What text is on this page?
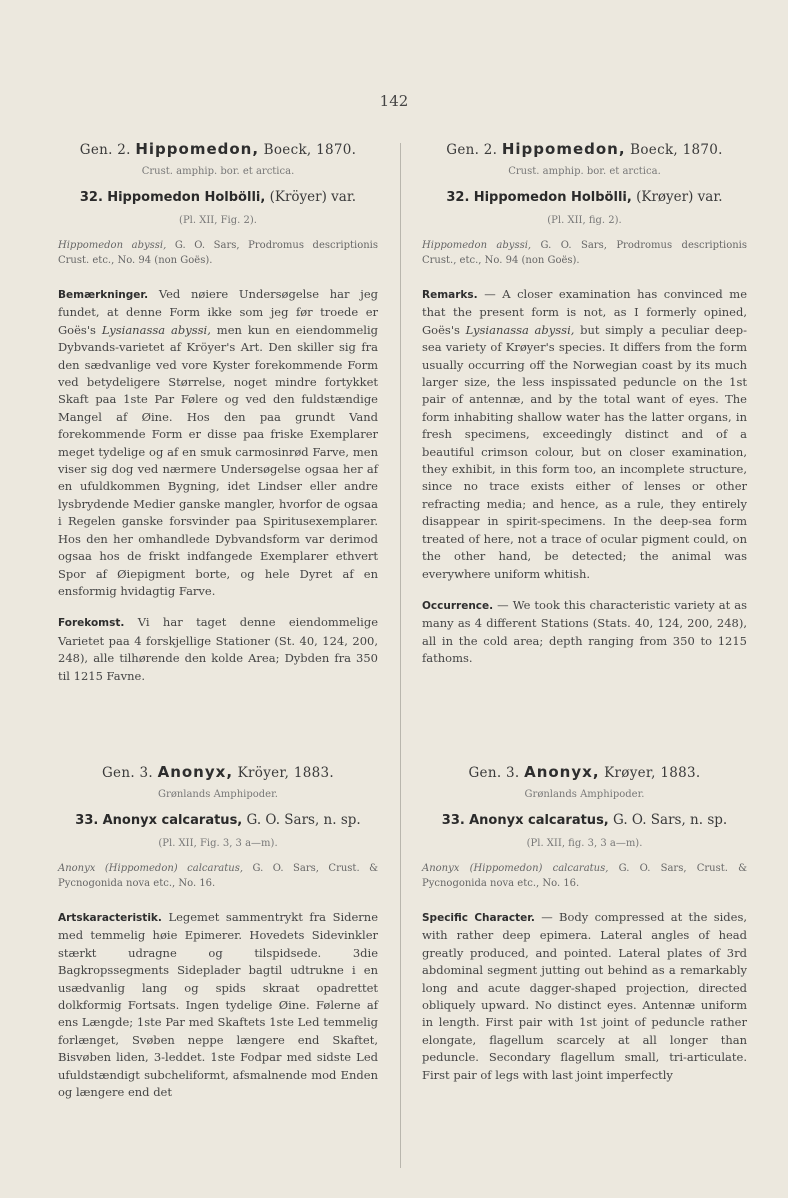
142
Gen. 2. Hippomedon, Boeck, 1870.
Crust. amphip. bor. et arctica.
32. Hippomedon Holbölli, (Kröyer) var.
(Pl. XII, Fig. 2).
Hippomedon abyssi, G. O. Sars, Prodromus descriptionis Crust. etc., No. 94 (non Goës).
Bemærkninger. Ved nøiere Undersøgelse har jeg fundet, at denne Form ikke som jeg før troede er Goës's Lysianassa abyssi, men kun en eiendommelig Dybvands-varietet af Kröyer's Art. Den skiller sig fra den sædvanlige ved vore Kyster forekommende Form ved betydeligere Størrelse, noget mindre fortykket Skaft paa 1ste Par Følere og ved den fuldstændige Mangel af Øine. Hos den paa grundt Vand forekommende Form er disse paa friske Exemplarer meget tydelige og af en smuk carmosinrød Farve, men viser sig dog ved nærmere Undersøgelse ogsaa her af en ufuldkommen Bygning, idet Lindser eller andre lysbrydende Medier ganske mangler, hvorfor de ogsaa i Regelen ganske forsvinder paa Spiritusexemplarer. Hos den her omhandlede Dybvandsform var derimod ogsaa hos de friskt indfangede Exemplarer ethvert Spor af Øiepigment borte, og hele Dyret af en ensformig hvidagtig Farve.
Forekomst. Vi har taget denne eiendommelige Varietet paa 4 forskjellige Stationer (St. 40, 124, 200, 248), alle tilhørende den kolde Area; Dybden fra 350 til 1215 Favne.
Gen. 2. Hippomedon, Boeck, 1870.
Crust. amphip. bor. et arctica.
32. Hippomedon Holbölli, (Krøyer) var.
(Pl. XII, fig. 2).
Hippomedon abyssi, G. O. Sars, Prodromus descriptionis Crust., etc., No. 94 (non Goës).
Remarks. — A closer examination has convinced me that the present form is not, as I formerly opined, Goës's Lysianassa abyssi, but simply a peculiar deep-sea variety of Krøyer's species. It differs from the form usually occurring off the Norwegian coast by its much larger size, the less inspissated peduncle on the 1st pair of antennæ, and by the total want of eyes. The form inhabiting shallow water has the latter organs, in fresh specimens, exceedingly distinct and of a beautiful crimson colour, but on closer examination, they exhibit, in this form too, an incomplete structure, since no trace exists either of lenses or other refracting media; and hence, as a rule, they entirely disappear in spirit-specimens. In the deep-sea form treated of here, not a trace of ocular pigment could, on the other hand, be detected; the animal was everywhere uniform whitish.
Occurrence. — We took this characteristic variety at as many as 4 different Stations (Stats. 40, 124, 200, 248), all in the cold area; depth ranging from 350 to 1215 fathoms.
Gen. 3. Anonyx, Kröyer, 1883.
Grønlands Amphipoder.
33. Anonyx calcaratus, G. O. Sars, n. sp.
(Pl. XII, Fig. 3, 3 a—m).
Anonyx (Hippomedon) calcaratus, G. O. Sars, Crust. & Pycnogonida nova etc., No. 16.
Artskaracteristik. Legemet sammentrykt fra Siderne med temmelig høie Epimerer. Hovedets Sidevinkler stærkt udragne og tilspidsede. 3die Bagkropssegments Sideplader bagtil udtrukne i en usædvanlig lang og spids skraat opadrettet dolkformig Fortsats. Ingen tydelige Øine. Følerne af ens Længde; 1ste Par med Skaftets 1ste Led temmelig forlænget, Svøben neppe længere end Skaftet, Bisvøben liden, 3-leddet. 1ste Fodpar med sidste Led ufuldstændigt subcheliformt, afsmalnende mod Enden og længere end det
Gen. 3. Anonyx, Krøyer, 1883.
Grønlands Amphipoder.
33. Anonyx calcaratus, G. O. Sars, n. sp.
(Pl. XII, fig. 3, 3 a—m).
Anonyx (Hippomedon) calcaratus, G. O. Sars, Crust. & Pycnogonida nova etc., No. 16.
Specific Character. — Body compressed at the sides, with rather deep epimera. Lateral angles of head greatly produced, and pointed. Lateral plates of 3rd abdominal segment jutting out behind as a remarkably long and acute dagger-shaped projection, directed obliquely upward. No distinct eyes. Antennæ uniform in length. First pair with 1st joint of peduncle rather elongate, flagellum scarcely at all longer than peduncle. Secondary flagellum small, tri-articulate. First pair of legs with last joint imperfectly
